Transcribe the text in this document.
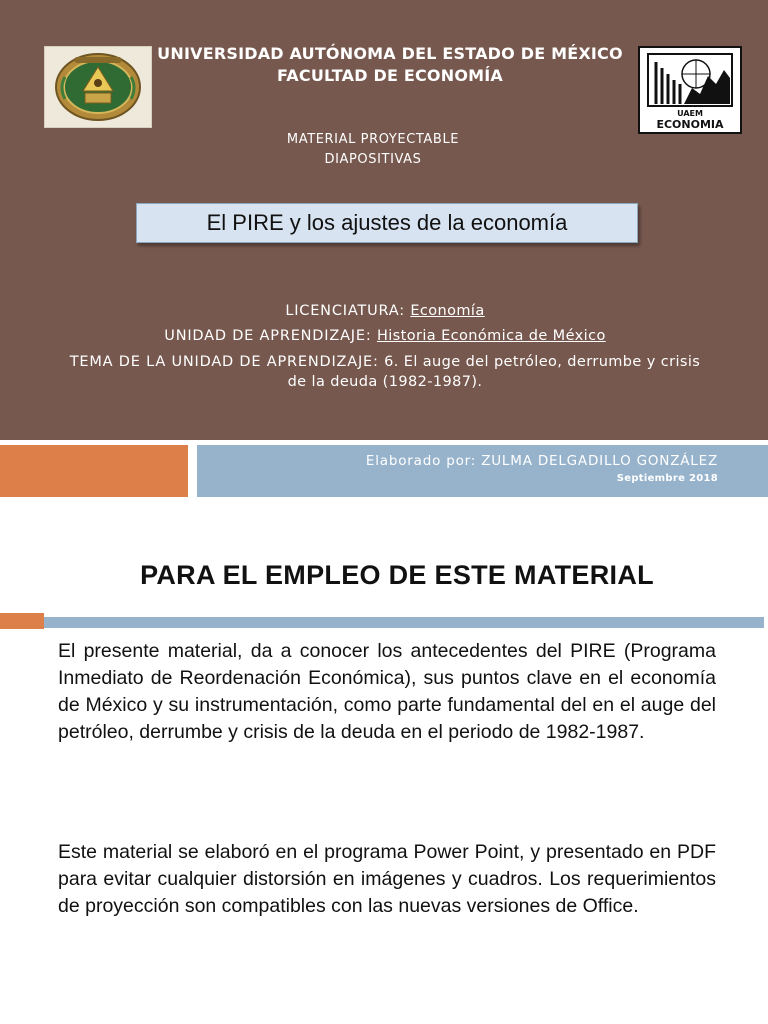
UNIVERSIDAD AUTÓNOMA DEL ESTADO DE MÉXICO
FACULTAD DE ECONOMÍA
UAEM
ECONOMIA
MATERIAL PROYECTABLE
DIAPOSITIVAS
El PIRE y los ajustes de la economía
LICENCIATURA: Economía
UNIDAD DE APRENDIZAJE: Historia Económica de México
TEMA DE LA UNIDAD DE APRENDIZAJE: 6. El auge del petróleo, derrumbe y crisis de la deuda (1982-1987).
Elaborado por: ZULMA DELGADILLO GONZÁLEZ
Septiembre 2018
PARA EL EMPLEO DE ESTE MATERIAL

El presente material, da a conocer los antecedentes del PIRE (Programa Inmediato de Reordenación Económica), sus puntos clave en el economía de México y su instrumentación, como parte fundamental del en el auge del petróleo, derrumbe y crisis de la deuda en el periodo de 1982-1987.

Este material se elaboró en el programa Power Point, y presentado en PDF para evitar cualquier distorsión en imágenes y cuadros. Los requerimientos de proyección son compatibles con las nuevas versiones de Office.
